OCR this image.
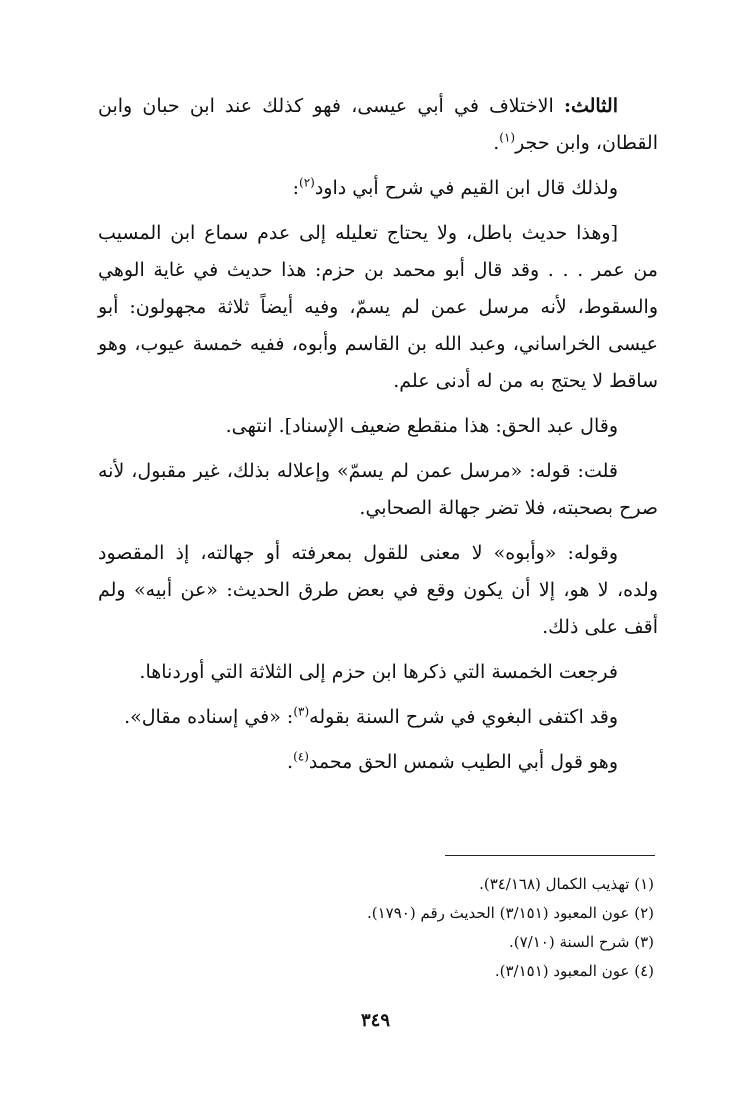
الثالث: الاختلاف في أبي عيسى، فهو كذلك عند ابن حبان وابن القطان، وابن حجر$^{(١)}$.

ولذلك قال ابن القيم في شرح أبي داود$^{(٢)}$:

[وهذا حديث باطل، ولا يحتاج تعليله إلى عدم سماع ابن المسيب من عمر . . . وقد قال أبو محمد بن حزم: هذا حديث في غاية الوهي والسقوط، لأنه مرسل عمن لم يسمّ، وفيه أيضاً ثلاثة مجهولون: أبو عيسى الخراساني، وعبد الله بن القاسم وأبوه، ففيه خمسة عيوب، وهو ساقط لا يحتج به من له أدنى علم.

وقال عبد الحق: هذا منقطع ضعيف الإسناد]. انتهى.

قلت: قوله: «مرسل عمن لم يسمّ» وإعلاله بذلك، غير مقبول، لأنه صرح بصحبته، فلا تضر جهالة الصحابي.

وقوله: «وأبوه» لا معنى للقول بمعرفته أو جهالته، إذ المقصود ولده، لا هو، إلا أن يكون وقع في بعض طرق الحديث: «عن أبيه» ولم أقف على ذلك.

فرجعت الخمسة التي ذكرها ابن حزم إلى الثلاثة التي أوردناها.

وقد اكتفى البغوي في شرح السنة بقوله$^{(٣)}$: «في إسناده مقال».

وهو قول أبي الطيب شمس الحق محمد$^{(٤)}$.

(١) تهذيب الكمال (٣٤/١٦٨).

(٢) عون المعبود (٣/١٥١) الحديث رقم (١٧٩٠).

(٣) شرح السنة (٧/١٠).

(٤) عون المعبود (٣/١٥١).

٣٤٩
